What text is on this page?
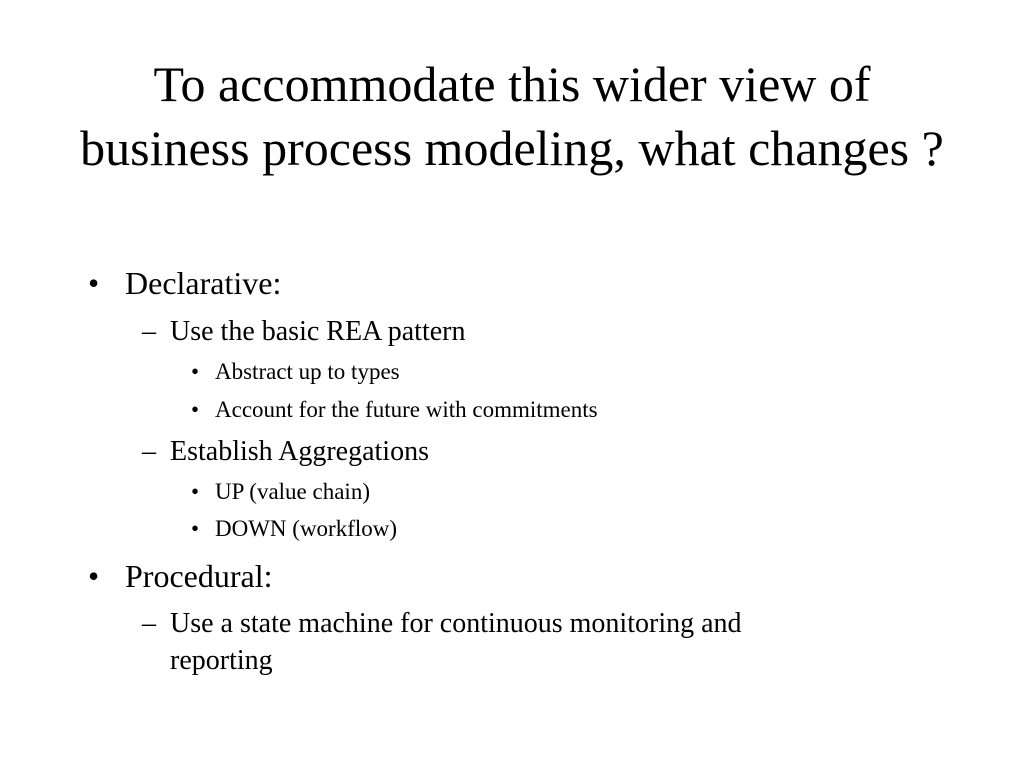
To accommodate this wider view of
business process modeling, what changes ?
• Declarative:
– Use the basic REA pattern
• Abstract up to types
• Account for the future with commitments
– Establish Aggregations
• UP (value chain)
• DOWN (workflow)
• Procedural:
– Use a state machine for continuous monitoring and
reporting
